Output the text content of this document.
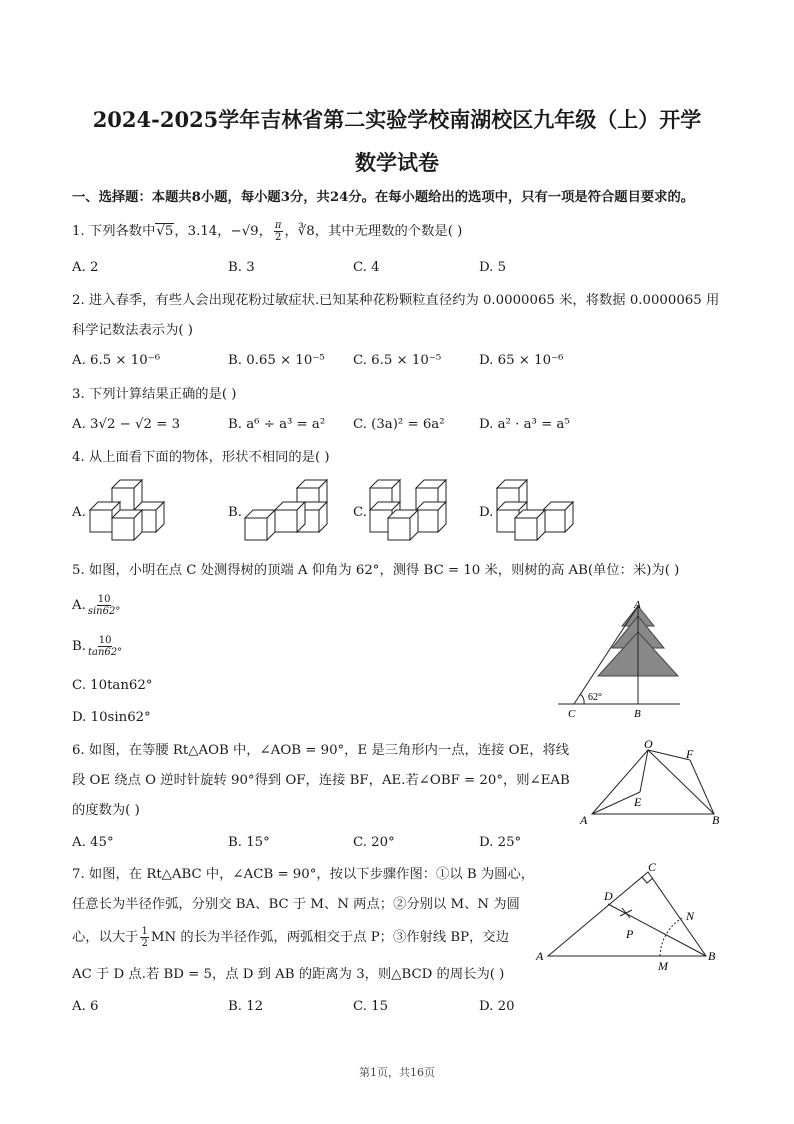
2024-2025学年吉林省第二实验学校南湖校区九年级（上）开学
数学试卷
一、选择题：本题共8小题，每小题3分，共24分。在每小题给出的选项中，只有一项是符合题目要求的。
1. 下列各数中√5，3.14，−√9， $\frac{\pi}{2}$ ，∛8，其中无理数的个数是( )
A. 2	B. 3	C. 4	D. 5
2. 进入春季，有些人会出现花粉过敏症状.已知某种花粉颗粒直径约为 0.0000065 米，将数据 0.0000065 用
科学记数法表示为( )
A. 6.5 × 10⁻⁶	B. 0.65 × 10⁻⁵ C. 6.5 × 10⁻⁵	D. 65 × 10⁻⁶
3. 下列计算结果正确的是( )
A. 3√2 − √2 = 3	B. a⁶ ÷ a³ = a² C. (3a)² = 6a²	D. a² · a³ = a⁵
4. 从上面看下面的物体，形状不相同的是( )
A.	B.	C.	D.
5. 如图，小明在点 C 处测得树的顶端 A 仰角为 62°，测得 BC = 10 米，则树的高 AB(单位：米)为( )
A. $\frac{10}{\sin 62^\circ}$
B. $\frac{10}{\tan 62^\circ}$
C. 10tan62°
D. 10sin62°
A
B
C
62°
6. 如图，在等腰 Rt△AOB 中，∠AOB = 90°，E 是三角形内一点，连接 OE，将线
段 OE 绕点 O 逆时针旋转 90°得到 OF，连接 BF，AE.若∠OBF = 20°，则∠EAB
的度数为( )
A. 45°	B. 15°	C. 20°	D. 25°
O
F
E
A	B
7. 如图，在 Rt△ABC 中，∠ACB = 90°，按以下步骤作图：①以 B 为圆心，
任意长为半径作弧，分别交 BA、BC 于 M、N 两点；②分别以 M、N 为圆
心，以大于 $\frac{1}{2}$ MN 的长为半径作弧，两弧相交于点 P；③作射线 BP，交边
AC 于 D 点.若 BD = 5，点 D 到 AB 的距离为 3，则△BCD 的周长为( )
A. 6	B. 12	C. 15	D. 20
C
D
N
P
A	B
M
第1页，共16页
